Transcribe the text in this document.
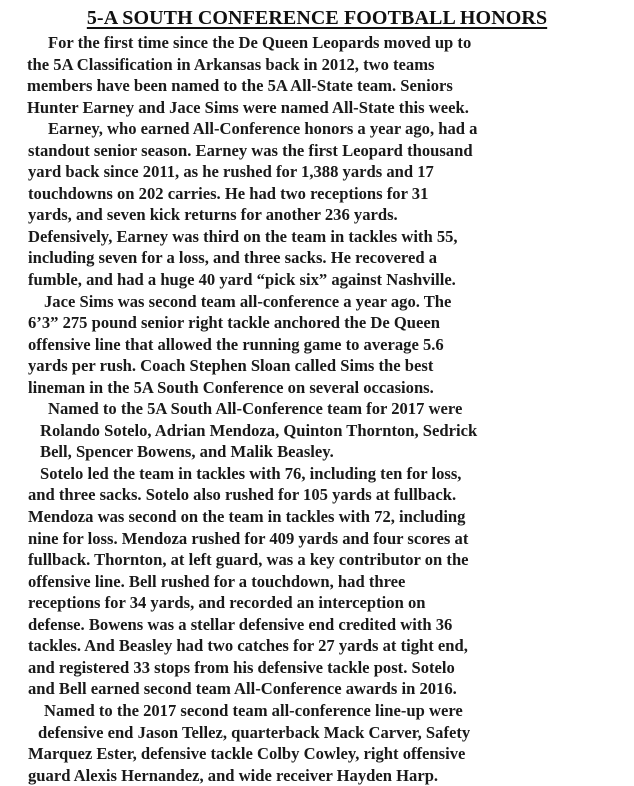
5-A SOUTH CONFERENCE FOOTBALL HONORS
For the first time since the De Queen Leopards moved up to
the 5A Classification in Arkansas back in 2012, two teams
members have been named to the 5A All-State team. Seniors
Hunter Earney and Jace Sims were named All-State this week.
Earney, who earned All-Conference honors a year ago, had a
standout senior season. Earney was the first Leopard thousand
yard back since 2011, as he rushed for 1,388 yards and 17
touchdowns on 202 carries. He had two receptions for 31
yards, and seven kick returns for another 236 yards.
Defensively, Earney was third on the team in tackles with 55,
including seven for a loss, and three sacks. He recovered a
fumble, and had a huge 40 yard “pick six” against Nashville.
Jace Sims was second team all-conference a year ago. The
6’3” 275 pound senior right tackle anchored the De Queen
offensive line that allowed the running game to average 5.6
yards per rush. Coach Stephen Sloan called Sims the best
lineman in the 5A South Conference on several occasions.
Named to the 5A South All-Conference team for 2017 were
Rolando Sotelo, Adrian Mendoza, Quinton Thornton, Sedrick
Bell, Spencer Bowens, and Malik Beasley.
Sotelo led the team in tackles with 76, including ten for loss,
and three sacks. Sotelo also rushed for 105 yards at fullback.
Mendoza was second on the team in tackles with 72, including
nine for loss. Mendoza rushed for 409 yards and four scores at
fullback. Thornton, at left guard, was a key contributor on the
offensive line. Bell rushed for a touchdown, had three
receptions for 34 yards, and recorded an interception on
defense. Bowens was a stellar defensive end credited with 36
tackles. And Beasley had two catches for 27 yards at tight end,
and registered 33 stops from his defensive tackle post. Sotelo
and Bell earned second team All-Conference awards in 2016.
Named to the 2017 second team all-conference line-up were
defensive end Jason Tellez, quarterback Mack Carver, Safety
Marquez Ester, defensive tackle Colby Cowley, right offensive
guard Alexis Hernandez, and wide receiver Hayden Harp.
